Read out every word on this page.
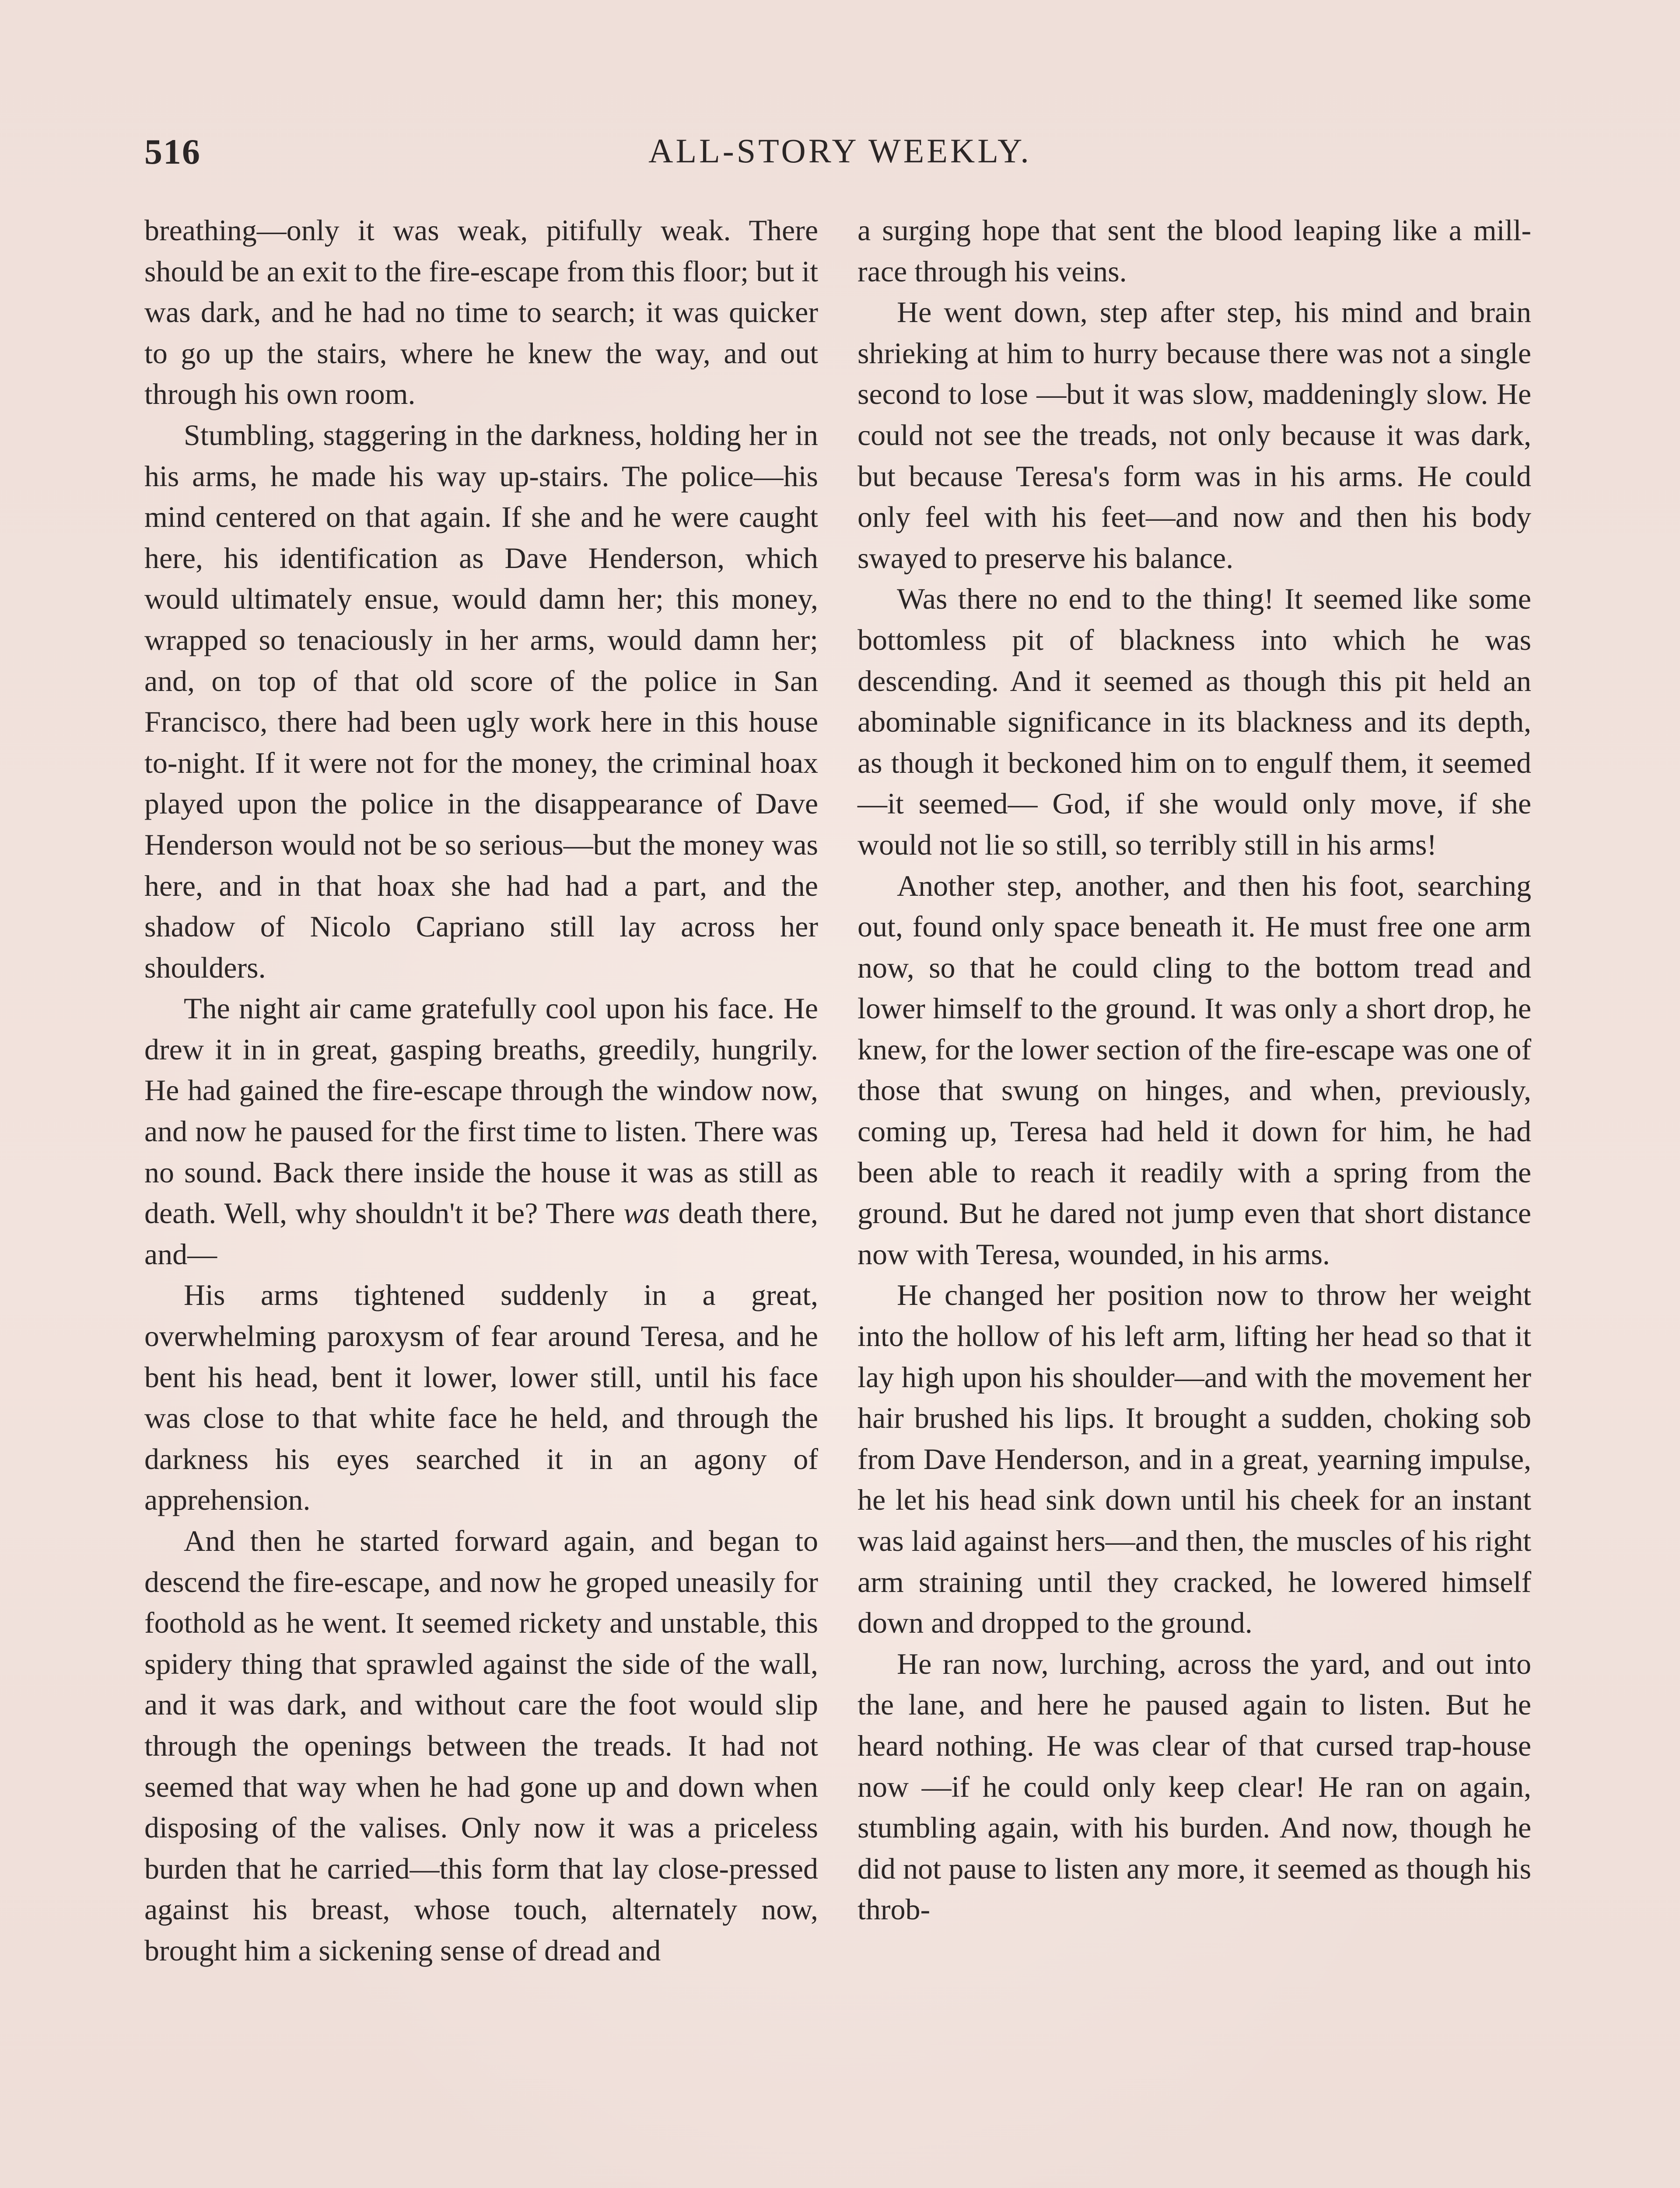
516	ALL-STORY WEEKLY.

breathing—only it was weak, pitifully weak. There should be an exit to the fire-escape from this floor; but it was dark, and he had no time to search; it was quicker to go up the stairs, where he knew the way, and out through his own room.

Stumbling, staggering in the darkness, holding her in his arms, he made his way up-stairs. The police—his mind centered on that again. If she and he were caught here, his identification as Dave Henderson, which would ultimately ensue, would damn her; this money, wrapped so tenaciously in her arms, would damn her; and, on top of that old score of the police in San Francisco, there had been ugly work here in this house to-night. If it were not for the money, the criminal hoax played upon the police in the disappearance of Dave Henderson would not be so serious—but the money was here, and in that hoax she had had a part, and the shadow of Nicolo Capriano still lay across her shoulders.

The night air came gratefully cool upon his face. He drew it in in great, gasping breaths, greedily, hungrily. He had gained the fire-escape through the window now, and now he paused for the first time to listen. There was no sound. Back there inside the house it was as still as death. Well, why shouldn't it be? There was death there, and—

His arms tightened suddenly in a great, overwhelming paroxysm of fear around Teresa, and he bent his head, bent it lower, lower still, until his face was close to that white face he held, and through the darkness his eyes searched it in an agony of apprehension.

And then he started forward again, and began to descend the fire-escape, and now he groped uneasily for foothold as he went. It seemed rickety and unstable, this spidery thing that sprawled against the side of the wall, and it was dark, and without care the foot would slip through the openings between the treads. It had not seemed that way when he had gone up and down when disposing of the valises. Only now it was a priceless burden that he carried—this form that lay close-pressed against his breast, whose touch, alternately now, brought him a sickening sense of dread and

a surging hope that sent the blood leaping like a mill-race through his veins.

He went down, step after step, his mind and brain shrieking at him to hurry because there was not a single second to lose —but it was slow, maddeningly slow. He could not see the treads, not only because it was dark, but because Teresa's form was in his arms. He could only feel with his feet—and now and then his body swayed to preserve his balance.

Was there no end to the thing! It seemed like some bottomless pit of blackness into which he was descending. And it seemed as though this pit held an abominable significance in its blackness and its depth, as though it beckoned him on to engulf them, it seemed—it seemed— God, if she would only move, if she would not lie so still, so terribly still in his arms!

Another step, another, and then his foot, searching out, found only space beneath it. He must free one arm now, so that he could cling to the bottom tread and lower himself to the ground. It was only a short drop, he knew, for the lower section of the fire-escape was one of those that swung on hinges, and when, previously, coming up, Teresa had held it down for him, he had been able to reach it readily with a spring from the ground. But he dared not jump even that short distance now with Teresa, wounded, in his arms.

He changed her position now to throw her weight into the hollow of his left arm, lifting her head so that it lay high upon his shoulder—and with the movement her hair brushed his lips. It brought a sudden, choking sob from Dave Henderson, and in a great, yearning impulse, he let his head sink down until his cheek for an instant was laid against hers—and then, the muscles of his right arm straining until they cracked, he lowered himself down and dropped to the ground.

He ran now, lurching, across the yard, and out into the lane, and here he paused again to listen. But he heard nothing. He was clear of that cursed trap-house now —if he could only keep clear! He ran on again, stumbling again, with his burden. And now, though he did not pause to listen any more, it seemed as though his throb-
